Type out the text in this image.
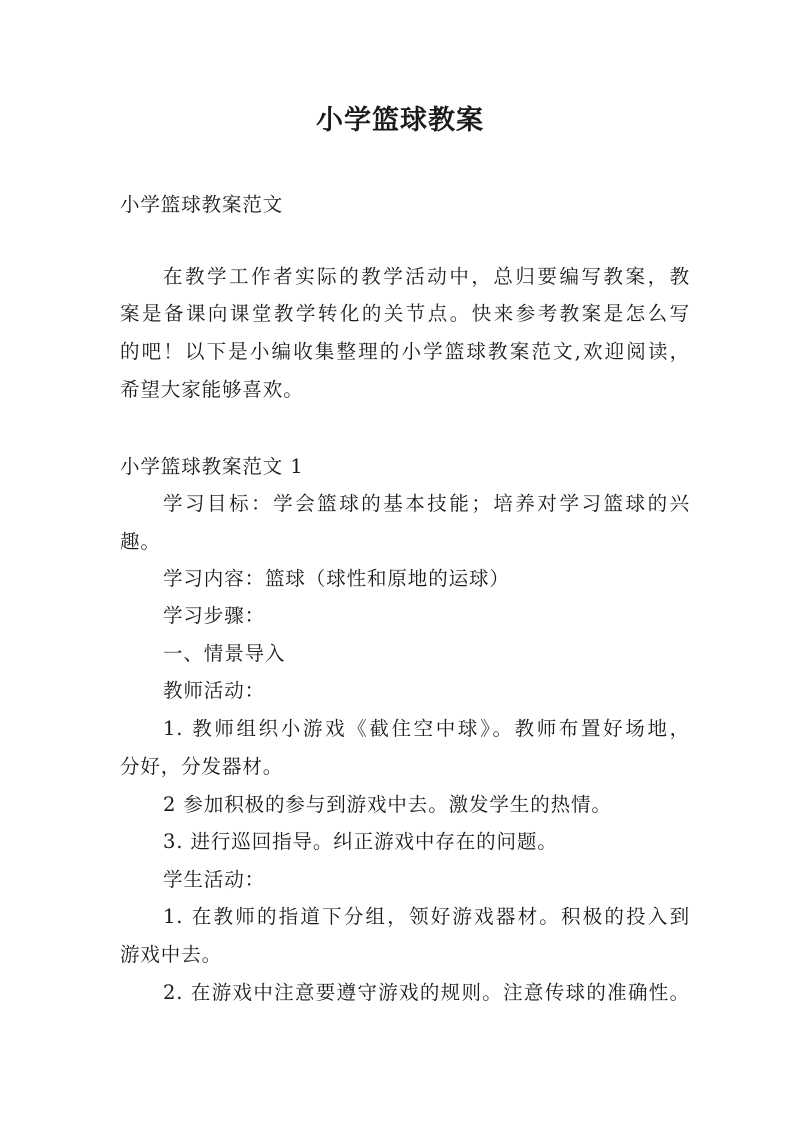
小学篮球教案
小学篮球教案范文
在教学工作者实际的教学活动中，总归要编写教案，教
案是备课向课堂教学转化的关节点。快来参考教案是怎么写
的吧！以下是小编收集整理的小学篮球教案范文,欢迎阅读，
希望大家能够喜欢。
小学篮球教案范文 1
学习目标：学会篮球的基本技能；培养对学习篮球的兴
趣。
学习内容：篮球（球性和原地的运球）
学习步骤：
一、情景导入
教师活动：
1. 教师组织小游戏《截住空中球》。教师布置好场地，
分好，分发器材。
2 参加积极的参与到游戏中去。激发学生的热情。
3. 进行巡回指导。纠正游戏中存在的问题。
学生活动：
1. 在教师的指道下分组，领好游戏器材。积极的投入到
游戏中去。
2. 在游戏中注意要遵守游戏的规则。注意传球的准确性。
